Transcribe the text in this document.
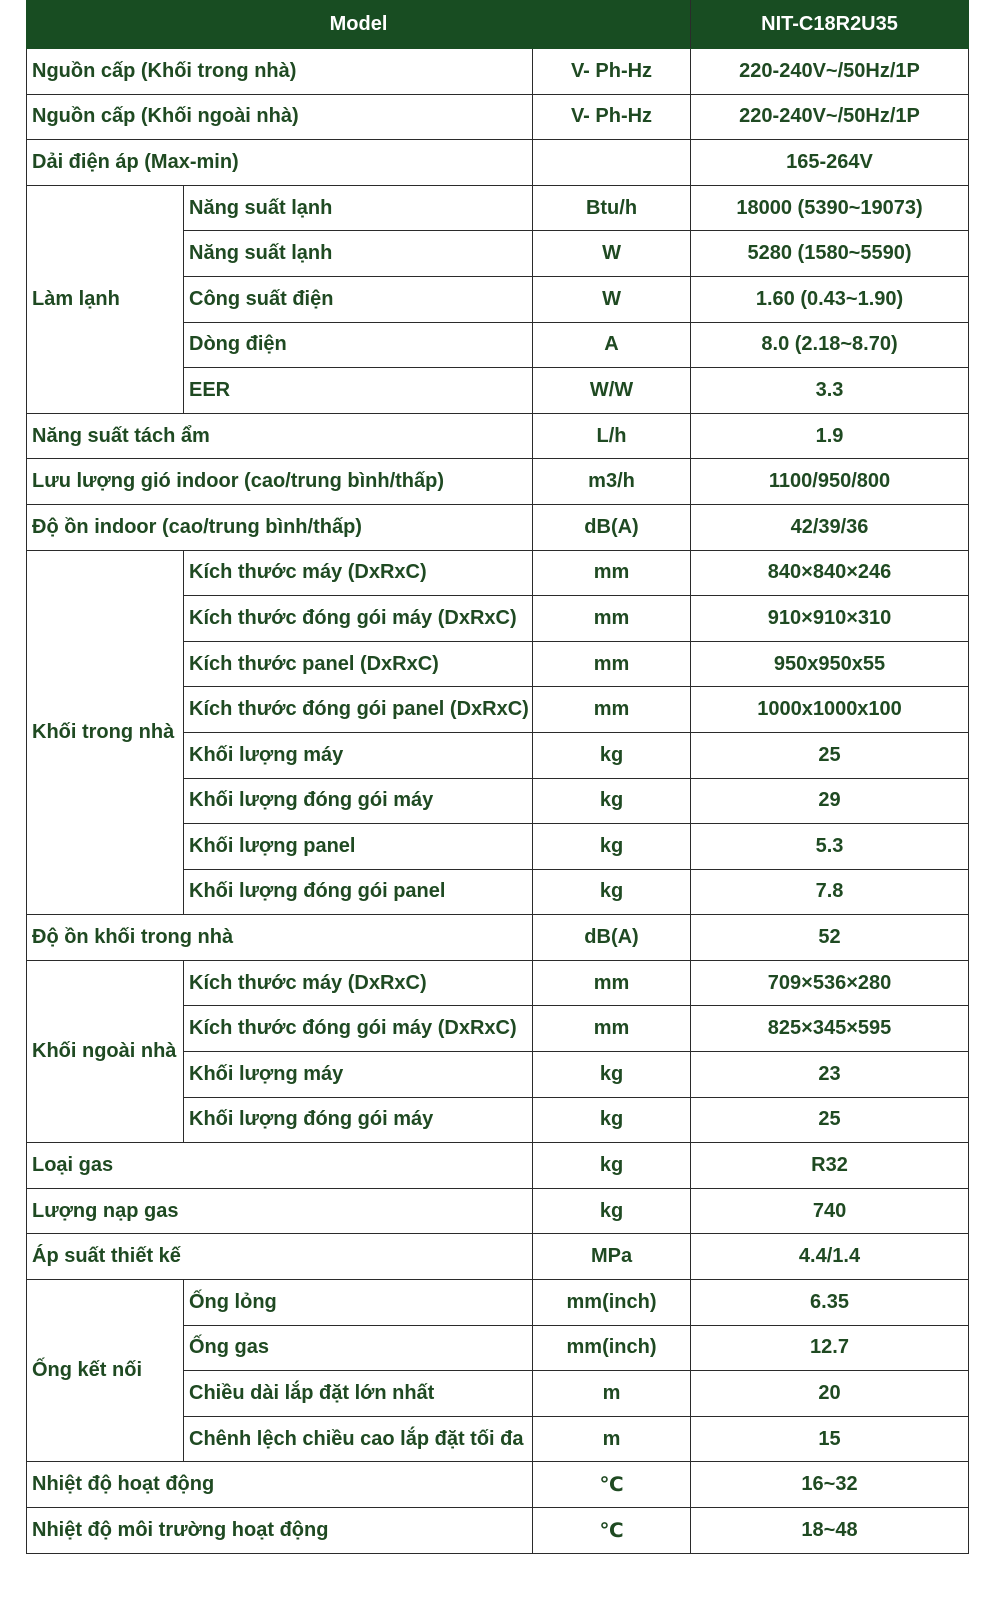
Model			NIT-C18R2U35
Nguồn cấp (Khối trong nhà)		V- Ph-Hz	220-240V~/50Hz/1P
Nguồn cấp (Khối ngoài nhà)		V- Ph-Hz	220-240V~/50Hz/1P
Dải điện áp (Max-min)			165-264V
Làm lạnh	Năng suất lạnh	Btu/h	18000 (5390~19073)
	Năng suất lạnh	W	5280 (1580~5590)
	Công suất điện	W	1.60 (0.43~1.90)
	Dòng điện	A	8.0 (2.18~8.70)
	EER	W/W	3.3
Năng suất tách ẩm		L/h	1.9
Lưu lượng gió indoor (cao/trung bình/thấp)		m3/h	1100/950/800
Độ ồn indoor (cao/trung bình/thấp)		dB(A)	42/39/36
Khối trong nhà	Kích thước máy (DxRxC)	mm	840×840×246
	Kích thước đóng gói máy (DxRxC)	mm	910×910×310
	Kích thước panel (DxRxC)	mm	950x950x55
	Kích thước đóng gói panel (DxRxC)	mm	1000x1000x100
	Khối lượng máy	kg	25
	Khối lượng đóng gói máy	kg	29
	Khối lượng panel	kg	5.3
	Khối lượng đóng gói panel	kg	7.8
Độ ồn khối trong nhà		dB(A)	52
Khối ngoài nhà	Kích thước máy (DxRxC)	mm	709×536×280
	Kích thước đóng gói máy (DxRxC)	mm	825×345×595
	Khối lượng máy	kg	23
	Khối lượng đóng gói máy	kg	25
Loại gas		kg	R32
Lượng nạp gas		kg	740
Áp suất thiết kế		MPa	4.4/1.4
Ống kết nối	Ống lỏng	mm(inch)	6.35
	Ống gas	mm(inch)	12.7
	Chiều dài lắp đặt lớn nhất	m	20
	Chênh lệch chiều cao lắp đặt tối đa	m	15
Nhiệt độ hoạt động		℃	16~32
Nhiệt độ môi trường hoạt động		℃	18~48
